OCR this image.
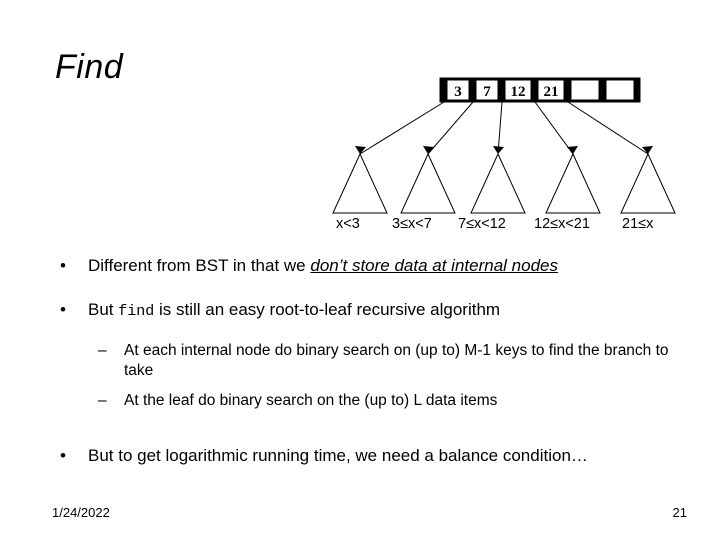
Find
3 7 12 21
x<3 3≤x<7 7≤x<12 12≤x<21 21≤x
• Different from BST in that we don’t store data at internal nodes
• But find is still an easy root-to-leaf recursive algorithm
– At each internal node do binary search on (up to) M-1 keys to find the branch to take
– At the leaf do binary search on the (up to) L data items
• But to get logarithmic running time, we need a balance condition…
1/24/2022	21
